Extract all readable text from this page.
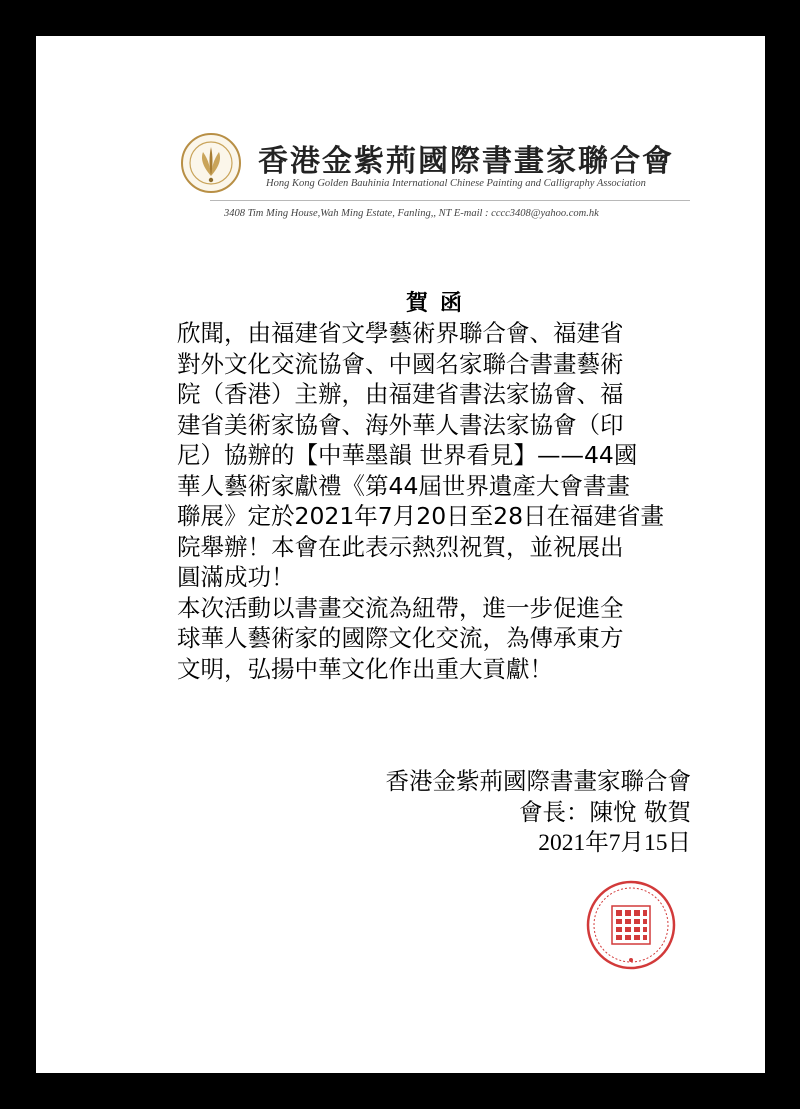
香港金紫荊國際書畫家聯合會
Hong Kong Golden Bauhinia International Chinese Painting and Calligraphy Association
3408 Tim Ming House,Wah Ming Estate, Fanling,, NT E-mail : cccc3408@yahoo.com.hk
賀函
欣聞，由福建省文學藝術界聯合會、福建省
對外文化交流協會、中國名家聯合書畫藝術
院（香港）主辦，由福建省書法家協會、福
建省美術家協會、海外華人書法家協會（印
尼）協辦的【中華墨韻 世界看見】——44國
華人藝術家獻禮《第44屆世界遺產大會書畫
聯展》定於2021年7月20日至28日在福建省畫
院舉辦！本會在此表示熱烈祝賀，並祝展出
圓滿成功！
本次活動以書畫交流為紐帶，進一步促進全
球華人藝術家的國際文化交流，為傳承東方
文明，弘揚中華文化作出重大貢獻！
香港金紫荊國際書畫家聯合會
會長：陳悅 敬賀
2021年7月15日
